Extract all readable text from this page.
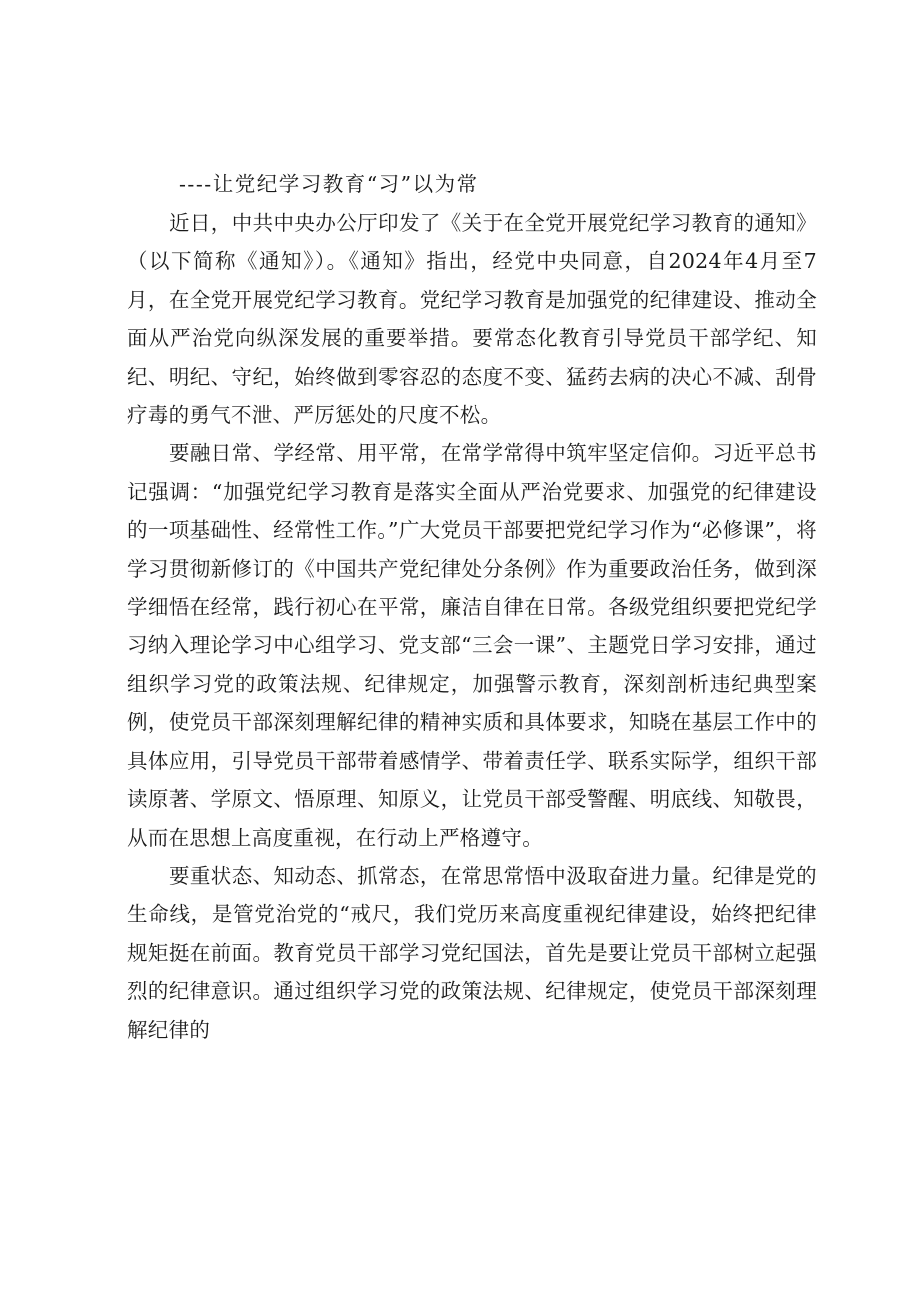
----让党纪学习教育“习”以为常

近日，中共中央办公厅印发了《关于在全党开展党纪学习教育的通知》（以下简称《通知》）。《通知》指出，经党中央同意，自2024年4月至7月，在全党开展党纪学习教育。党纪学习教育是加强党的纪律建设、推动全面从严治党向纵深发展的重要举措。要常态化教育引导党员干部学纪、知纪、明纪、守纪，始终做到零容忍的态度不变、猛药去病的决心不减、刮骨疗毒的勇气不泄、严厉惩处的尺度不松。

要融日常、学经常、用平常，在常学常得中筑牢坚定信仰。习近平总书记强调：“加强党纪学习教育是落实全面从严治党要求、加强党的纪律建设的一项基础性、经常性工作。”广大党员干部要把党纪学习作为“必修课”，将学习贯彻新修订的《中国共产党纪律处分条例》作为重要政治任务，做到深学细悟在经常，践行初心在平常，廉洁自律在日常。各级党组织要把党纪学习纳入理论学习中心组学习、党支部“三会一课”、主题党日学习安排，通过组织学习党的政策法规、纪律规定，加强警示教育，深刻剖析违纪典型案例，使党员干部深刻理解纪律的精神实质和具体要求，知晓在基层工作中的具体应用，引导党员干部带着感情学、带着责任学、联系实际学，组织干部读原著、学原文、悟原理、知原义，让党员干部受警醒、明底线、知敬畏，从而在思想上高度重视，在行动上严格遵守。

要重状态、知动态、抓常态，在常思常悟中汲取奋进力量。纪律是党的生命线，是管党治党的“戒尺，我们党历来高度重视纪律建设，始终把纪律规矩挺在前面。教育党员干部学习党纪国法，首先是要让党员干部树立起强烈的纪律意识。通过组织学习党的政策法规、纪律规定，使党员干部深刻理解纪律的
